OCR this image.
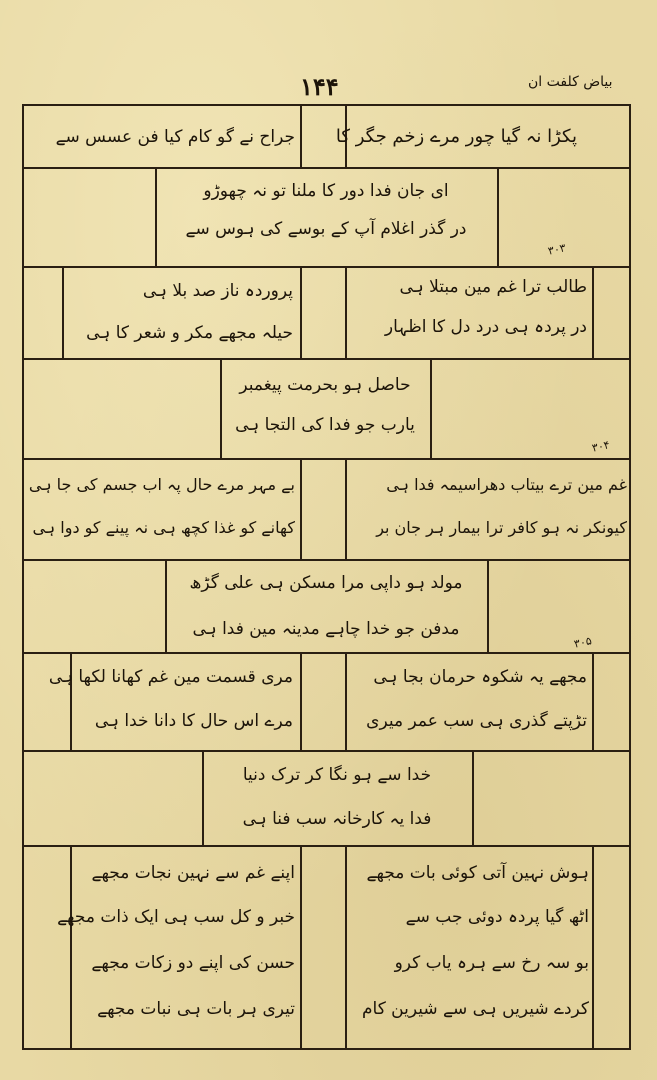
بیاض کلفت ان
۱۴۴
۳۰۳
۳۰۴
۳۰۵
پکڑا نہ گیا چور مرے زخم جگر کا
جراح نے گو کام کیا فن عسس سے
ای جان فدا دور کا ملنا تو نہ چھوڑو
در گذر اغلام آپ کے بوسے کی ہوس سے
طالب ترا غم مین مبتلا ہی
در پردہ ہی درد دل کا اظہار
پروردہ ناز صد بلا ہی
حیلہ مجھے مکر و شعر کا ہی
حاصل ہو بحرمت پیغمبر
یارب جو فدا کی التجا ہی
غم مین ترے بیتاب دھراسیمہ فدا ہی
کیونکر نہ ہو کافر ترا بیمار ہر جان بر
بے مہر مرے حال پہ اب جسم کی جا ہی
کھانے کو غذا کچھ ہی نہ پینے کو دوا ہی
مولد ہو داپی مرا مسکن ہی علی گڑھ
مدفن جو خدا چاہے مدینہ مین فدا ہی
مجھے یہ شکوہ حرمان بجا ہی
تڑپتے گذری ہی سب عمر میری
مری قسمت مین غم کھانا لکھا ہی
مرے اس حال کا دانا خدا ہی
خدا سے ہو نگا کر ترک دنیا
فدا یہ کارخانہ سب فنا ہی
ہوش نہین آتی کوئی بات مجھے
اٹھ گیا پردہ دوئی جب سے
بو سہ رخ سے ہرہ یاب کرو
کردے شیریں ہی سے شیرین کام
اپنے غم سے نہین نجات مجھے
خبر و کل سب ہی ایک ذات مجھے
حسن کی اپنے دو زکات مجھے
تیری ہر بات ہی نبات مجھے
